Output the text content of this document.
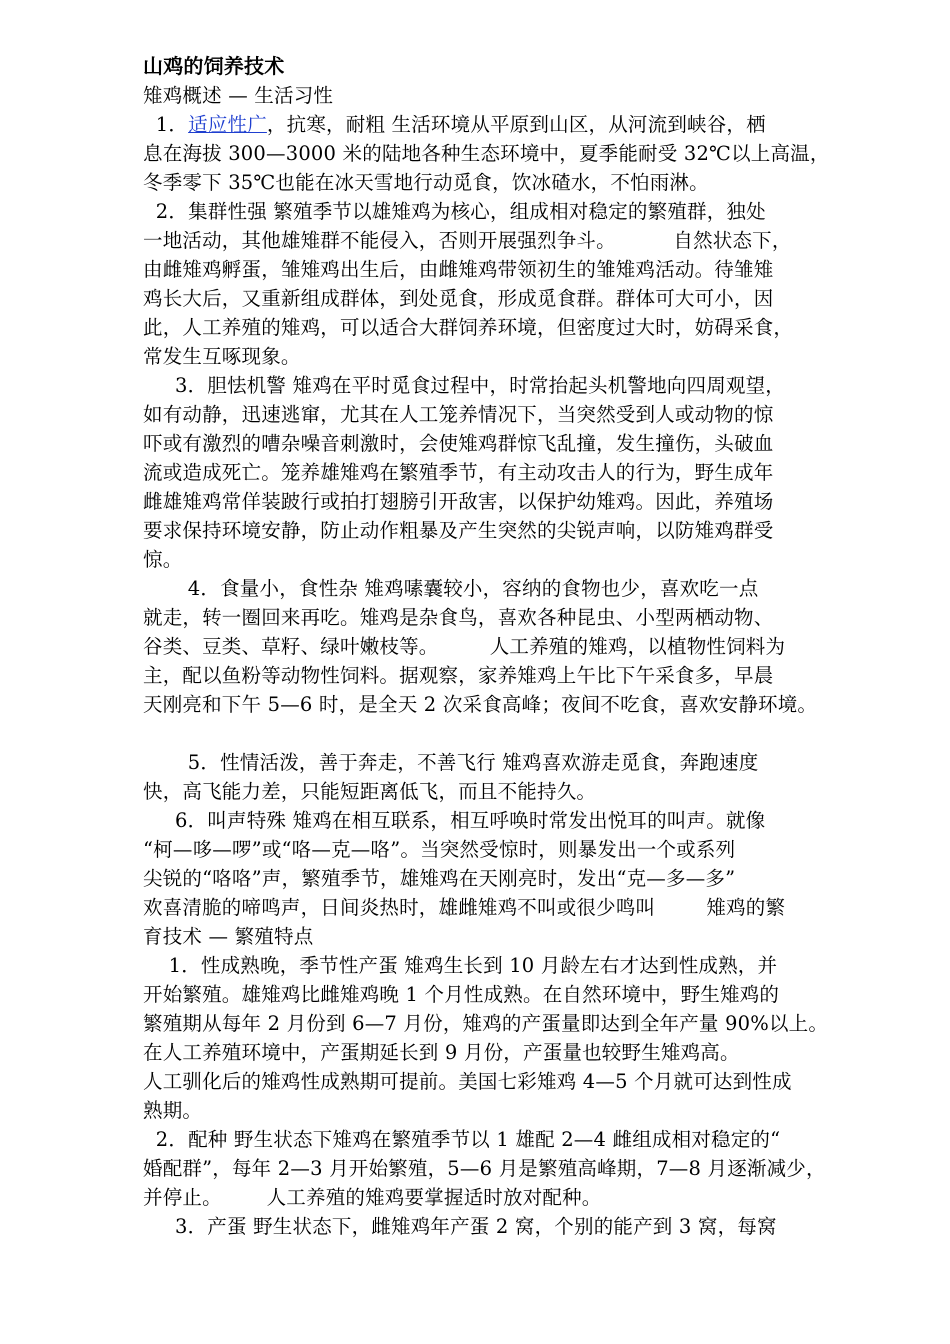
山鸡的饲养技术
雉鸡概述 — 生活习性
1．适应性广，抗寒，耐粗 生活环境从平原到山区，从河流到峡谷，栖
息在海拔 300—3000 米的陆地各种生态环境中，夏季能耐受 32℃以上高温，
冬季零下 35℃也能在冰天雪地行动觅食，饮冰碴水，不怕雨淋。
2．集群性强 繁殖季节以雄雉鸡为核心，组成相对稳定的繁殖群，独处
一地活动，其他雄雉群不能侵入，否则开展强烈争斗。         自然状态下，
由雌雉鸡孵蛋，雏雉鸡出生后，由雌雉鸡带领初生的雏雉鸡活动。待雏雉
鸡长大后，又重新组成群体，到处觅食，形成觅食群。群体可大可小，因
此，人工养殖的雉鸡，可以适合大群饲养环境，但密度过大时，妨碍采食，
常发生互啄现象。
3．胆怯机警 雉鸡在平时觅食过程中，时常抬起头机警地向四周观望，
如有动静，迅速逃窜，尤其在人工笼养情况下，当突然受到人或动物的惊
吓或有激烈的嘈杂噪音刺激时，会使雉鸡群惊飞乱撞，发生撞伤，头破血
流或造成死亡。笼养雄雉鸡在繁殖季节，有主动攻击人的行为，野生成年
雌雄雉鸡常佯装跛行或拍打翅膀引开敌害，以保护幼雉鸡。因此，养殖场
要求保持环境安静，防止动作粗暴及产生突然的尖锐声响，以防雉鸡群受
惊。
4．食量小，食性杂 雉鸡嗉囊较小，容纳的食物也少，喜欢吃一点
就走，转一圈回来再吃。雉鸡是杂食鸟，喜欢各种昆虫、小型两栖动物、
谷类、豆类、草籽、绿叶嫩枝等。        人工养殖的雉鸡，以植物性饲料为
主，配以鱼粉等动物性饲料。据观察，家养雉鸡上午比下午采食多，早晨
天刚亮和下午 5—6 时，是全天 2 次采食高峰；夜间不吃食，喜欢安静环境。
5．性情活泼，善于奔走，不善飞行 雉鸡喜欢游走觅食，奔跑速度
快，高飞能力差，只能短距离低飞，而且不能持久。
6．叫声特殊 雉鸡在相互联系，相互呼唤时常发出悦耳的叫声。就像
“柯—哆—啰”或“咯—克—咯”。当突然受惊时，则暴发出一个或系列
尖锐的“咯咯”声，繁殖季节，雄雉鸡在天刚亮时，发出“克—多—多”
欢喜清脆的啼鸣声，日间炎热时，雄雌雉鸡不叫或很少鸣叫        雉鸡的繁
育技术 — 繁殖特点
1．性成熟晚，季节性产蛋 雉鸡生长到 10 月龄左右才达到性成熟，并
开始繁殖。雄雉鸡比雌雉鸡晚 1 个月性成熟。在自然环境中，野生雉鸡的
繁殖期从每年 2 月份到 6—7 月份，雉鸡的产蛋量即达到全年产量 90%以上。
在人工养殖环境中，产蛋期延长到 9 月份，产蛋量也较野生雉鸡高。
人工驯化后的雉鸡性成熟期可提前。美国七彩雉鸡 4—5 个月就可达到性成
熟期。
2．配种 野生状态下雉鸡在繁殖季节以 1 雄配 2—4 雌组成相对稳定的“
婚配群”，每年 2—3 月开始繁殖，5—6 月是繁殖高峰期，7—8 月逐渐减少，
并停止。       人工养殖的雉鸡要掌握适时放对配种。
3．产蛋 野生状态下，雌雉鸡年产蛋 2 窝，个别的能产到 3 窝，每窝
